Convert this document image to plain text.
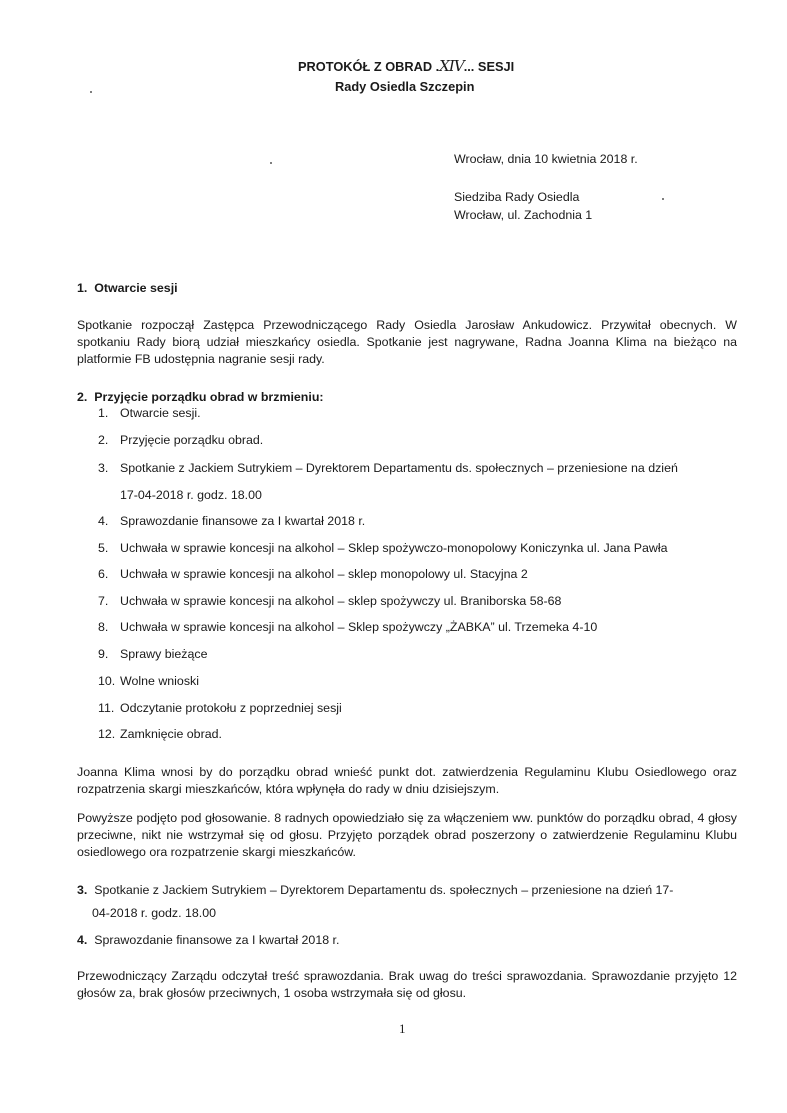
PROTOKÓŁ Z OBRAD .XIV... SESJI
Rady Osiedla Szczepin
Wrocław, dnia 10 kwietnia 2018 r.
Siedziba Rady Osiedla
Wrocław, ul. Zachodnia 1
1. Otwarcie sesji
Spotkanie rozpoczął Zastępca Przewodniczącego Rady Osiedla Jarosław Ankudowicz. Przywitał obecnych. W spotkaniu Rady biorą udział mieszkańcy osiedla. Spotkanie jest nagrywane, Radna Joanna Klima na bieżąco na platformie FB udostępnia nagranie sesji rady.
2. Przyjęcie porządku obrad w brzmieniu:
1. Otwarcie sesji.
2. Przyjęcie porządku obrad.
3. Spotkanie z Jackiem Sutrykiem – Dyrektorem Departamentu ds. społecznych – przeniesione na dzień
17-04-2018 r. godz. 18.00
4. Sprawozdanie finansowe za I kwartał 2018 r.
5. Uchwała w sprawie koncesji na alkohol – Sklep spożywczo-monopolowy Koniczynka ul. Jana Pawła
6. Uchwała w sprawie koncesji na alkohol – sklep monopolowy ul. Stacyjna 2
7. Uchwała w sprawie koncesji na alkohol – sklep spożywczy ul. Braniborska 58-68
8. Uchwała w sprawie koncesji na alkohol – Sklep spożywczy „ŻABKA” ul. Trzemeka 4-10
9. Sprawy bieżące
10. Wolne wnioski
11. Odczytanie protokołu z poprzedniej sesji
12. Zamknięcie obrad.
Joanna Klima wnosi by do porządku obrad wnieść punkt dot. zatwierdzenia Regulaminu Klubu Osiedlowego oraz rozpatrzenia skargi mieszkańców, która wpłynęła do rady w dniu dzisiejszym.
Powyższe podjęto pod głosowanie. 8 radnych opowiedziało się za włączeniem ww. punktów do porządku obrad, 4 głosy przeciwne, nikt nie wstrzymał się od głosu. Przyjęto porządek obrad poszerzony o zatwierdzenie Regulaminu Klubu osiedlowego ora rozpatrzenie skargi mieszkańców.
3. Spotkanie z Jackiem Sutrykiem – Dyrektorem Departamentu ds. społecznych – przeniesione na dzień 17-
04-2018 r. godz. 18.00
4. Sprawozdanie finansowe za I kwartał 2018 r.
Przewodniczący Zarządu odczytał treść sprawozdania. Brak uwag do treści sprawozdania. Sprawozdanie przyjęto 12 głosów za, brak głosów przeciwnych, 1 osoba wstrzymała się od głosu.
1
